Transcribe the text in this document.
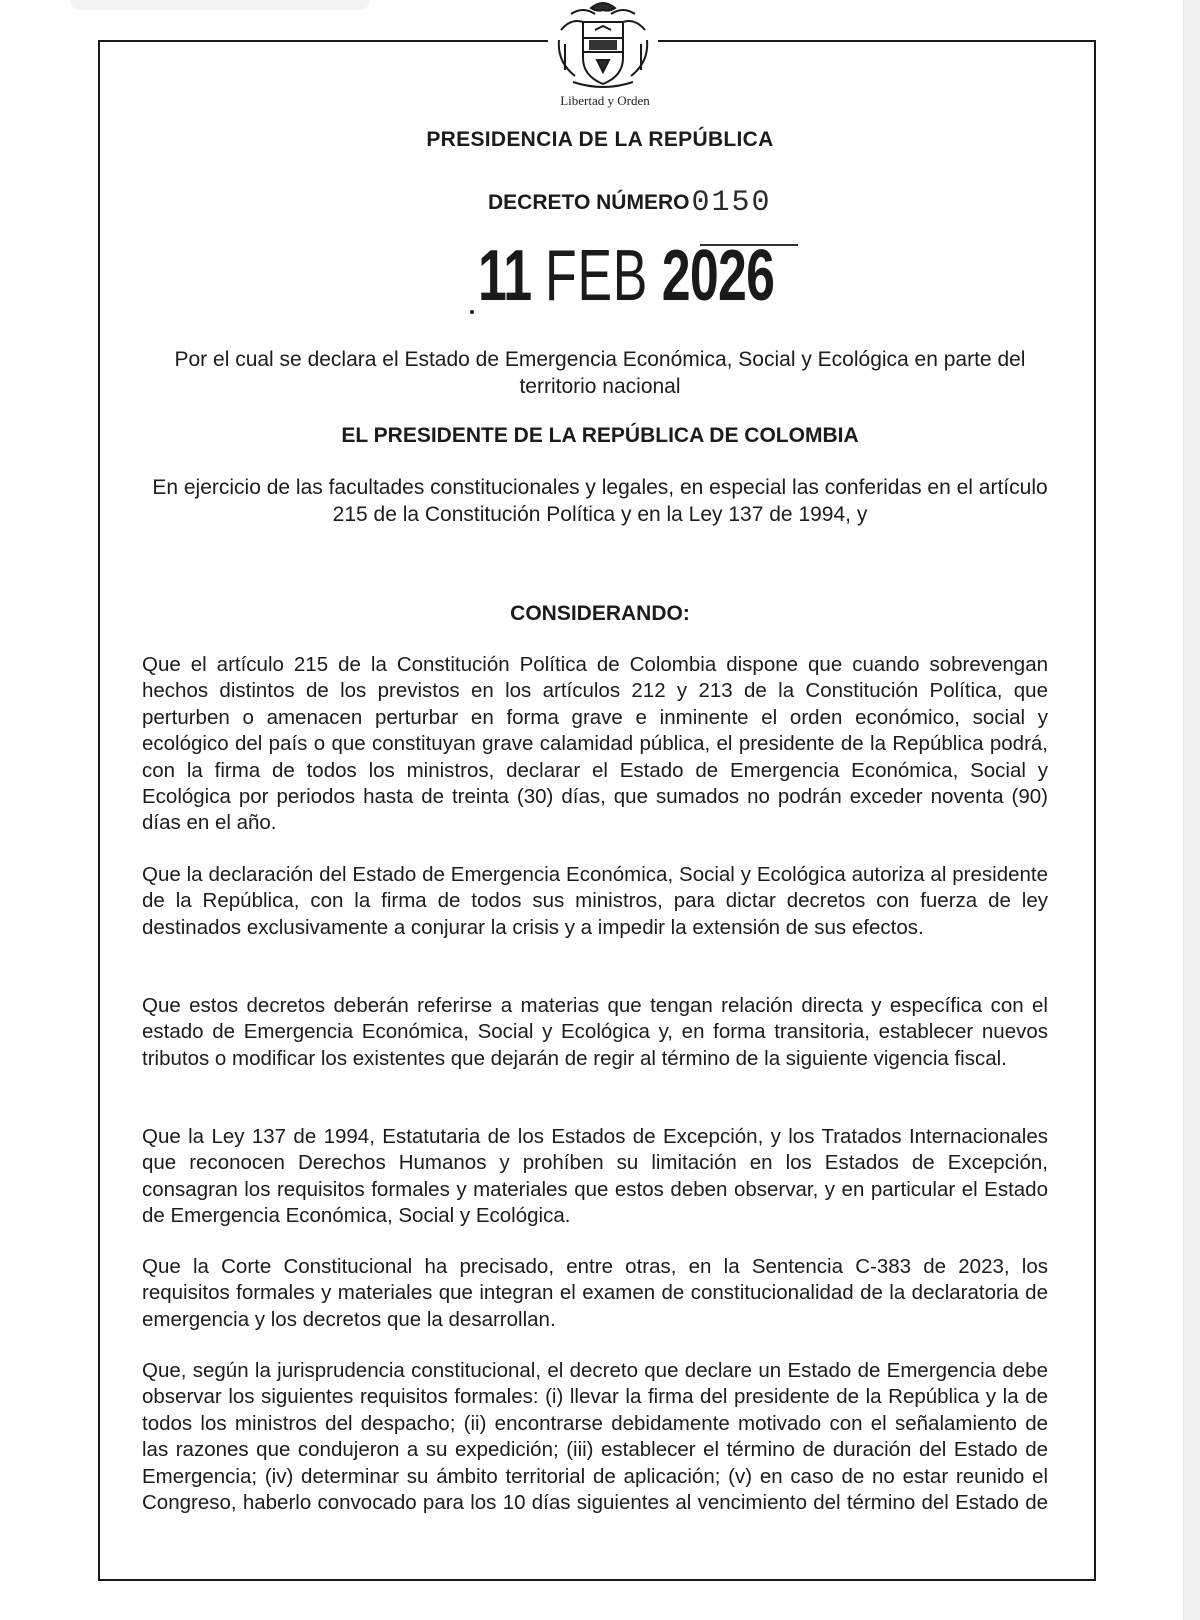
Libertad y Orden
PRESIDENCIA DE LA REPÚBLICA
DECRETO NÚMERO0150
11 FEB 2026
Por el cual se declara el Estado de Emergencia Económica, Social y Ecológica en parte del territorio nacional
EL PRESIDENTE DE LA REPÚBLICA DE COLOMBIA
En ejercicio de las facultades constitucionales y legales, en especial las conferidas en el artículo 215 de la Constitución Política y en la Ley 137 de 1994, y
CONSIDERANDO:

Que el artículo 215 de la Constitución Política de Colombia dispone que cuando sobrevengan hechos distintos de los previstos en los artículos 212 y 213 de la Constitución Política, que perturben o amenacen perturbar en forma grave e inminente el orden económico, social y ecológico del país o que constituyan grave calamidad pública, el presidente de la República podrá, con la firma de todos los ministros, declarar el Estado de Emergencia Económica, Social y Ecológica por periodos hasta de treinta (30) días, que sumados no podrán exceder noventa (90) días en el año.

Que la declaración del Estado de Emergencia Económica, Social y Ecológica autoriza al presidente de la República, con la firma de todos sus ministros, para dictar decretos con fuerza de ley destinados exclusivamente a conjurar la crisis y a impedir la extensión de sus efectos.

Que estos decretos deberán referirse a materias que tengan relación directa y específica con el estado de Emergencia Económica, Social y Ecológica y, en forma transitoria, establecer nuevos tributos o modificar los existentes que dejarán de regir al término de la siguiente vigencia fiscal.

Que la Ley 137 de 1994, Estatutaria de los Estados de Excepción, y los Tratados Internacionales que reconocen Derechos Humanos y prohíben su limitación en los Estados de Excepción, consagran los requisitos formales y materiales que estos deben observar, y en particular el Estado de Emergencia Económica, Social y Ecológica.

Que la Corte Constitucional ha precisado, entre otras, en la Sentencia C-383 de 2023, los requisitos formales y materiales que integran el examen de constitucionalidad de la declaratoria de emergencia y los decretos que la desarrollan.

Que, según la jurisprudencia constitucional, el decreto que declare un Estado de Emergencia debe observar los siguientes requisitos formales: (i) llevar la firma del presidente de la República y la de todos los ministros del despacho; (ii) encontrarse debidamente motivado con el señalamiento de las razones que condujeron a su expedición; (iii) establecer el término de duración del Estado de Emergencia; (iv) determinar su ámbito territorial de aplicación; (v) en caso de no estar reunido el Congreso, haberlo convocado para los 10 días siguientes al vencimiento del término del Estado de
